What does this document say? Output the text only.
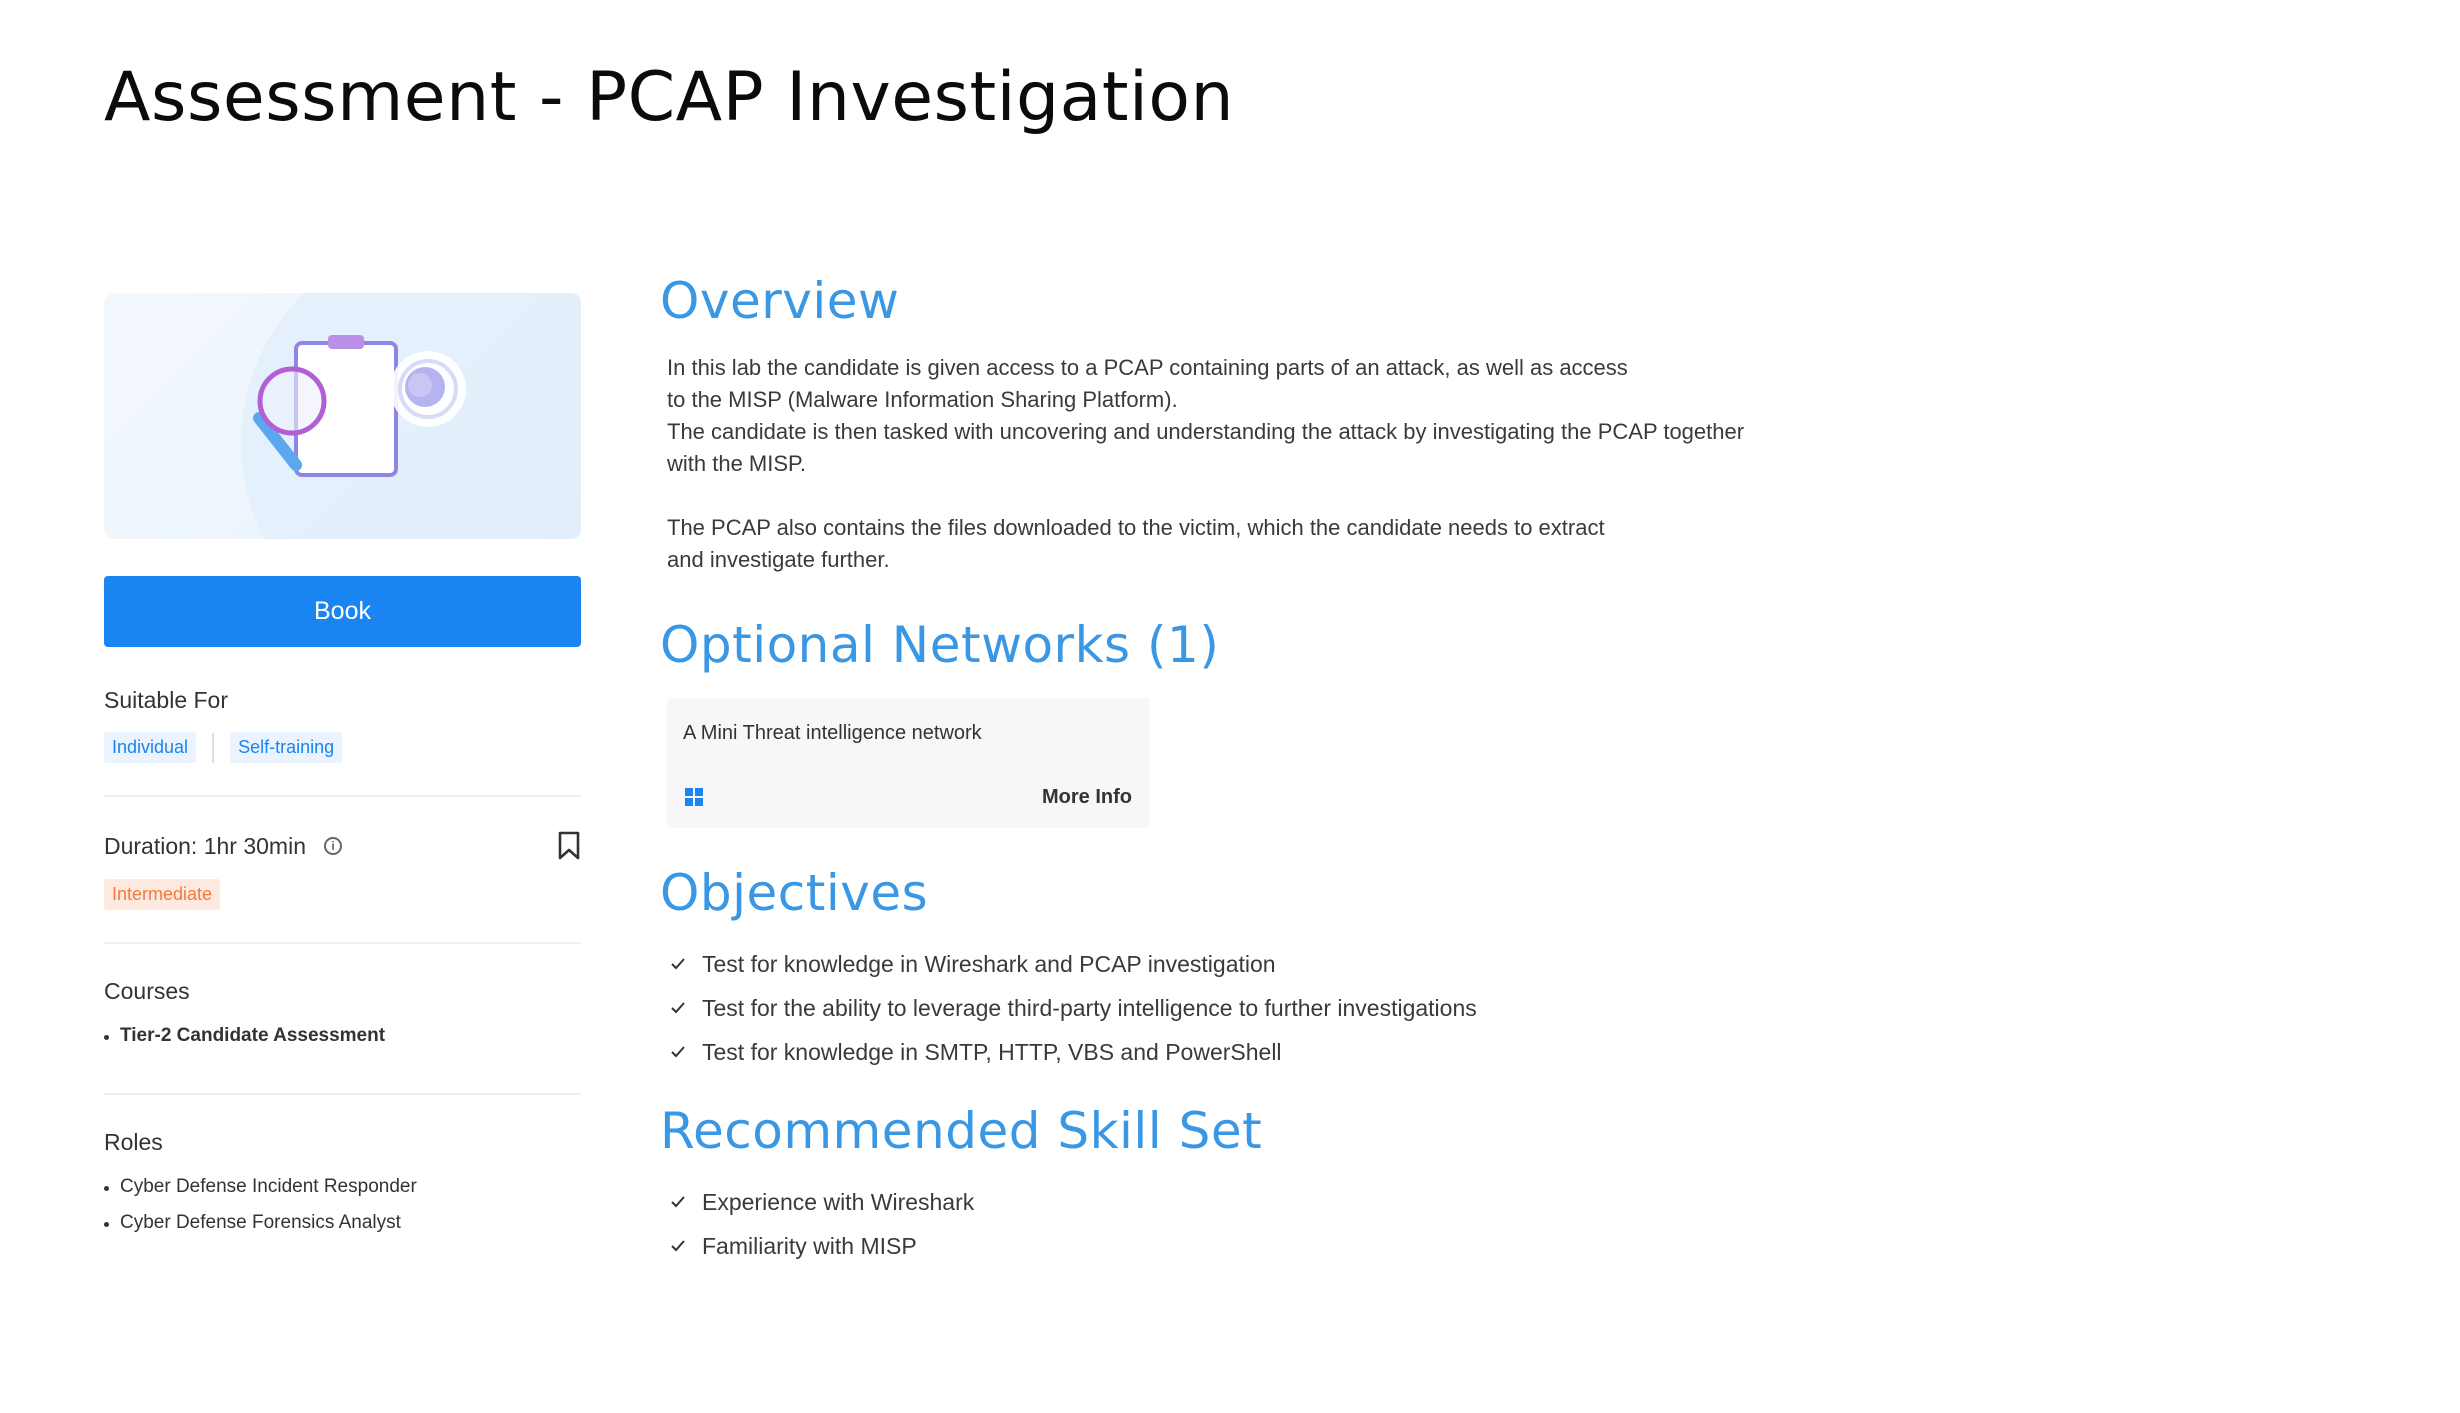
Assessment - PCAP Investigation
Book
Suitable For
Individual	Self-training
Duration: 1hr 30min	i
Intermediate
Courses
Tier-2 Candidate Assessment
Roles
Cyber Defense Incident Responder
Cyber Defense Forensics Analyst
Overview

In this lab the candidate is given access to a PCAP containing parts of an attack, as well as access

to the MISP (Malware Information Sharing Platform).

The candidate is then tasked with uncovering and understanding the attack by investigating the PCAP together

with the MISP.

The PCAP also contains the files downloaded to the victim, which the candidate needs to extract

and investigate further.

Optional Networks (1)
A Mini Threat intelligence network
More Info
Objectives
Test for knowledge in Wireshark and PCAP investigation
Test for the ability to leverage third-party intelligence to further investigations
Test for knowledge in SMTP, HTTP, VBS and PowerShell
Recommended Skill Set
Experience with Wireshark
Familiarity with MISP
